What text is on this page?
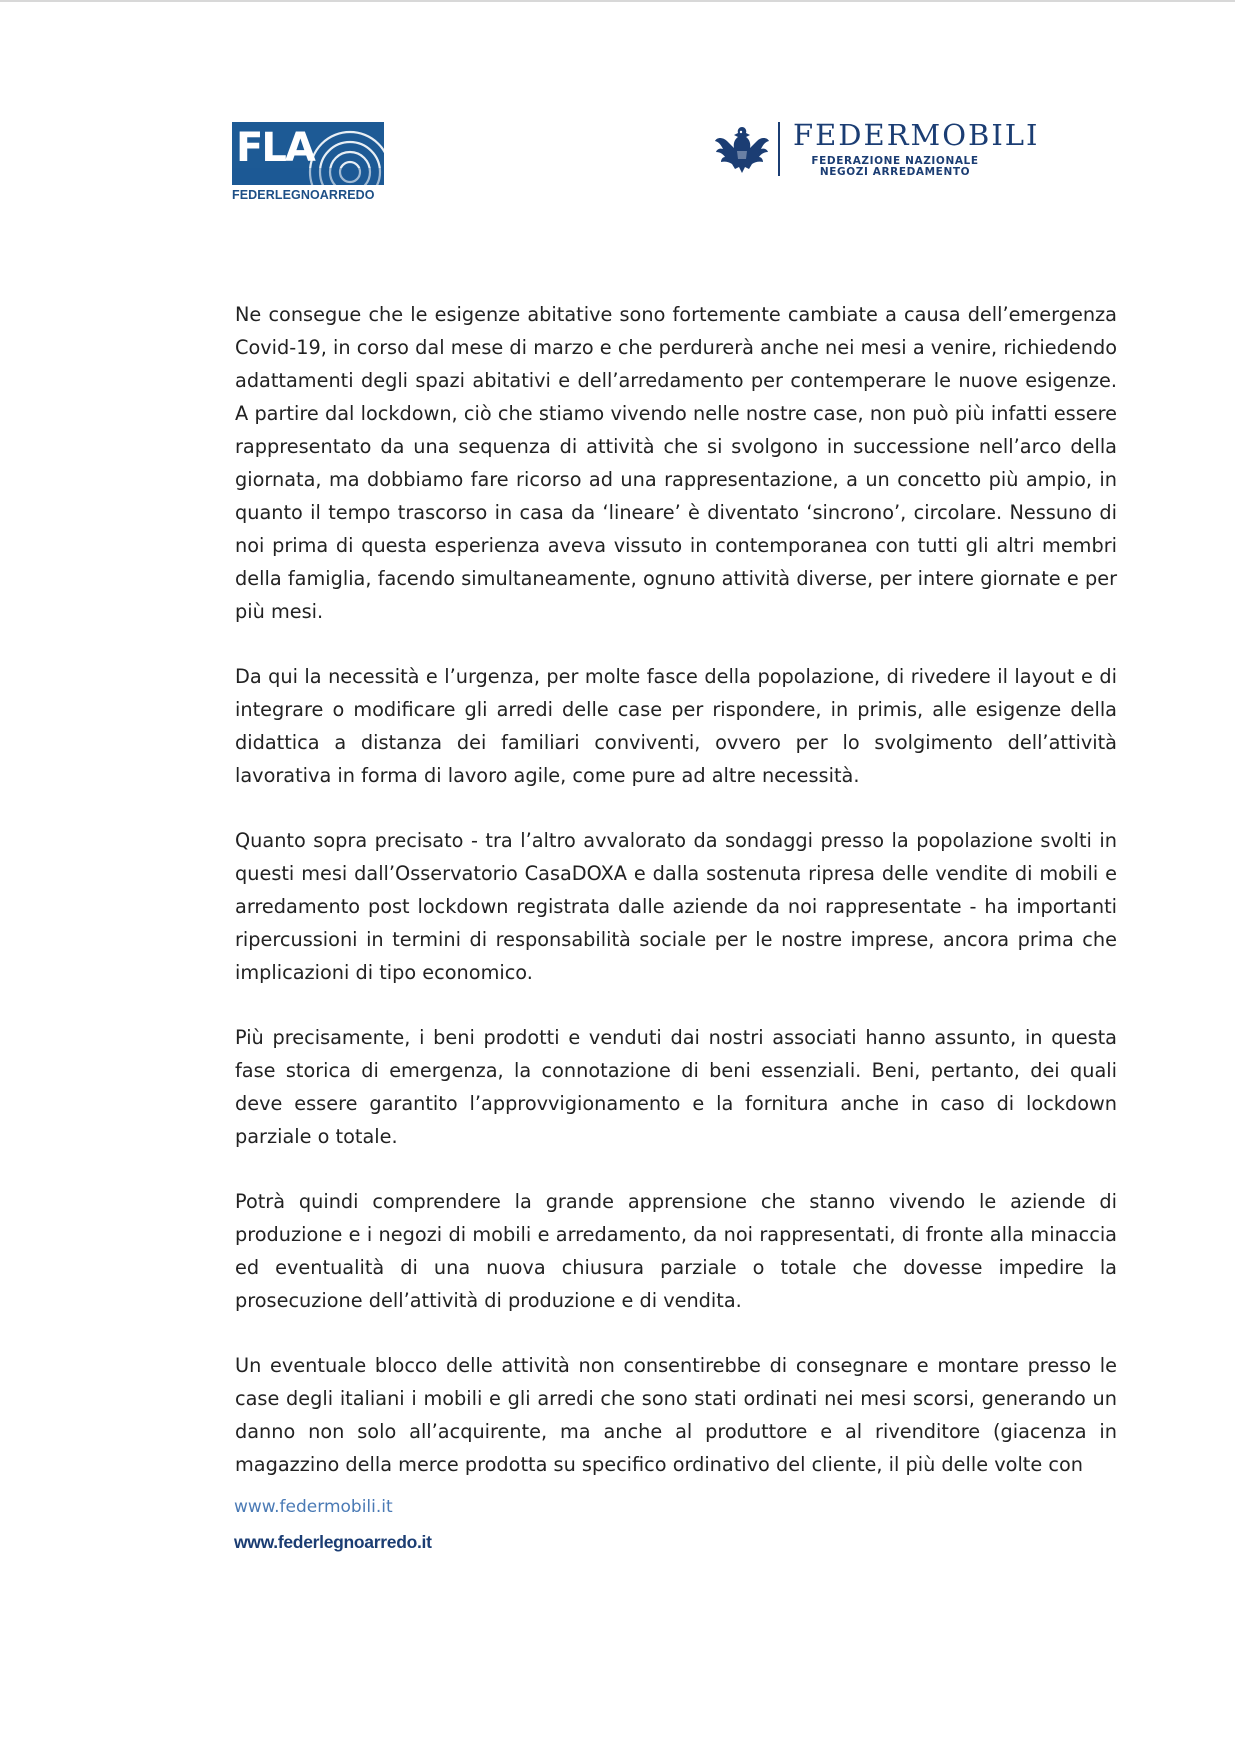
FLA
FEDERLEGNOARREDO
FEDERMOBILI
FEDERAZIONE NAZIONALE
NEGOZI ARREDAMENTO

Ne consegue che le esigenze abitative sono fortemente cambiate a causa dell’emergenza Covid-19, in corso dal mese di marzo e che perdurerà anche nei mesi a venire, richiedendo adattamenti degli spazi abitativi e dell’arredamento per contemperare le nuove esigenze. A partire dal lockdown, ciò che stiamo vivendo nelle nostre case, non può più infatti essere rappresentato da una sequenza di attività che si svolgono in successione nell’arco della giornata, ma dobbiamo fare ricorso ad una rappresentazione, a un concetto più ampio, in quanto il tempo trascorso in casa da ‘lineare’ è diventato ‘sincrono’, circolare. Nessuno di noi prima di questa esperienza aveva vissuto in contemporanea con tutti gli altri membri della famiglia, facendo simultaneamente, ognuno attività diverse, per intere giornate e per più mesi.

Da qui la necessità e l’urgenza, per molte fasce della popolazione, di rivedere il layout e di integrare o modificare gli arredi delle case per rispondere, in primis, alle esigenze della didattica a distanza dei familiari conviventi, ovvero per lo svolgimento dell’attività lavorativa in forma di lavoro agile, come pure ad altre necessità.

Quanto sopra precisato - tra l’altro avvalorato da sondaggi presso la popolazione svolti in questi mesi dall’Osservatorio CasaDOXA e dalla sostenuta ripresa delle vendite di mobili e arredamento post lockdown registrata dalle aziende da noi rappresentate - ha importanti ripercussioni in termini di responsabilità sociale per le nostre imprese, ancora prima che implicazioni di tipo economico.

Più precisamente, i beni prodotti e venduti dai nostri associati hanno assunto, in questa fase storica di emergenza, la connotazione di beni essenziali. Beni, pertanto, dei quali deve essere garantito l’approvvigionamento e la fornitura anche in caso di lockdown parziale o totale.

Potrà quindi comprendere la grande apprensione che stanno vivendo le aziende di produzione e i negozi di mobili e arredamento, da noi rappresentati, di fronte alla minaccia ed eventualità di una nuova chiusura parziale o totale che dovesse impedire la prosecuzione dell’attività di produzione e di vendita.

Un eventuale blocco delle attività non consentirebbe di consegnare e montare presso le case degli italiani i mobili e gli arredi che sono stati ordinati nei mesi scorsi, generando un danno non solo all’acquirente, ma anche al produttore e al rivenditore (giacenza in magazzino della merce prodotta su specifico ordinativo del cliente, il più delle volte con

www.federmobili.it
www.federlegnoarredo.it
